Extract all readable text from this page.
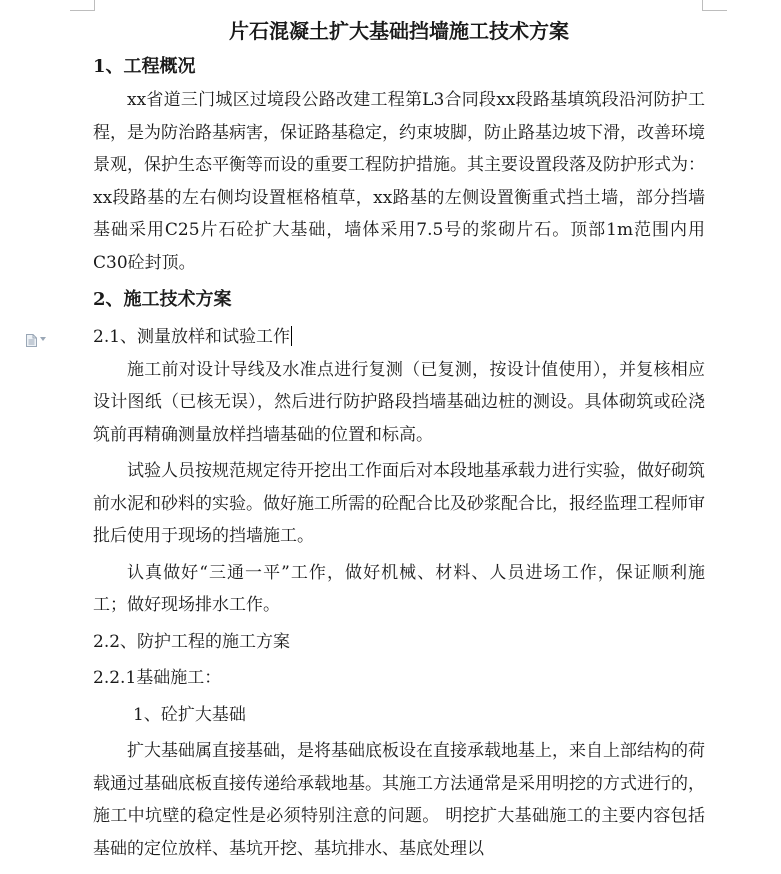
片石混凝土扩大基础挡墙施工技术方案
1、工程概况

xx省道三门城区过境段公路改建工程第L3合同段xx段路基填筑段沿河防护工程，是为防治路基病害，保证路基稳定，约束坡脚，防止路基边坡下滑，改善环境景观，保护生态平衡等而设的重要工程防护措施。其主要设置段落及防护形式为：xx段路基的左右侧均设置框格植草，xx路基的左侧设置衡重式挡土墙，部分挡墙基础采用C25片石砼扩大基础，墙体采用7.5号的浆砌片石。顶部1m范围内用C30砼封顶。

2、施工技术方案
2.1、测量放样和试验工作

施工前对设计导线及水准点进行复测（已复测，按设计值使用），并复核相应设计图纸（已核无误），然后进行防护路段挡墙基础边桩的测设。具体砌筑或砼浇筑前再精确测量放样挡墙基础的位置和标高。

试验人员按规范规定待开挖出工作面后对本段地基承载力进行实验，做好砌筑前水泥和砂料的实验。做好施工所需的砼配合比及砂浆配合比，报经监理工程师审批后使用于现场的挡墙施工。

认真做好“三通一平”工作，做好机械、材料、人员进场工作，保证顺利施工；做好现场排水工作。

2.2、防护工程的施工方案
2.2.1基础施工：
1、砼扩大基础

扩大基础属直接基础，是将基础底板设在直接承载地基上，来自上部结构的荷载通过基础底板直接传递给承载地基。其施工方法通常是采用明挖的方式进行的，施工中坑壁的稳定性是必须特别注意的问题。 明挖扩大基础施工的主要内容包括基础的定位放样、基坑开挖、基坑排水、基底处理以
